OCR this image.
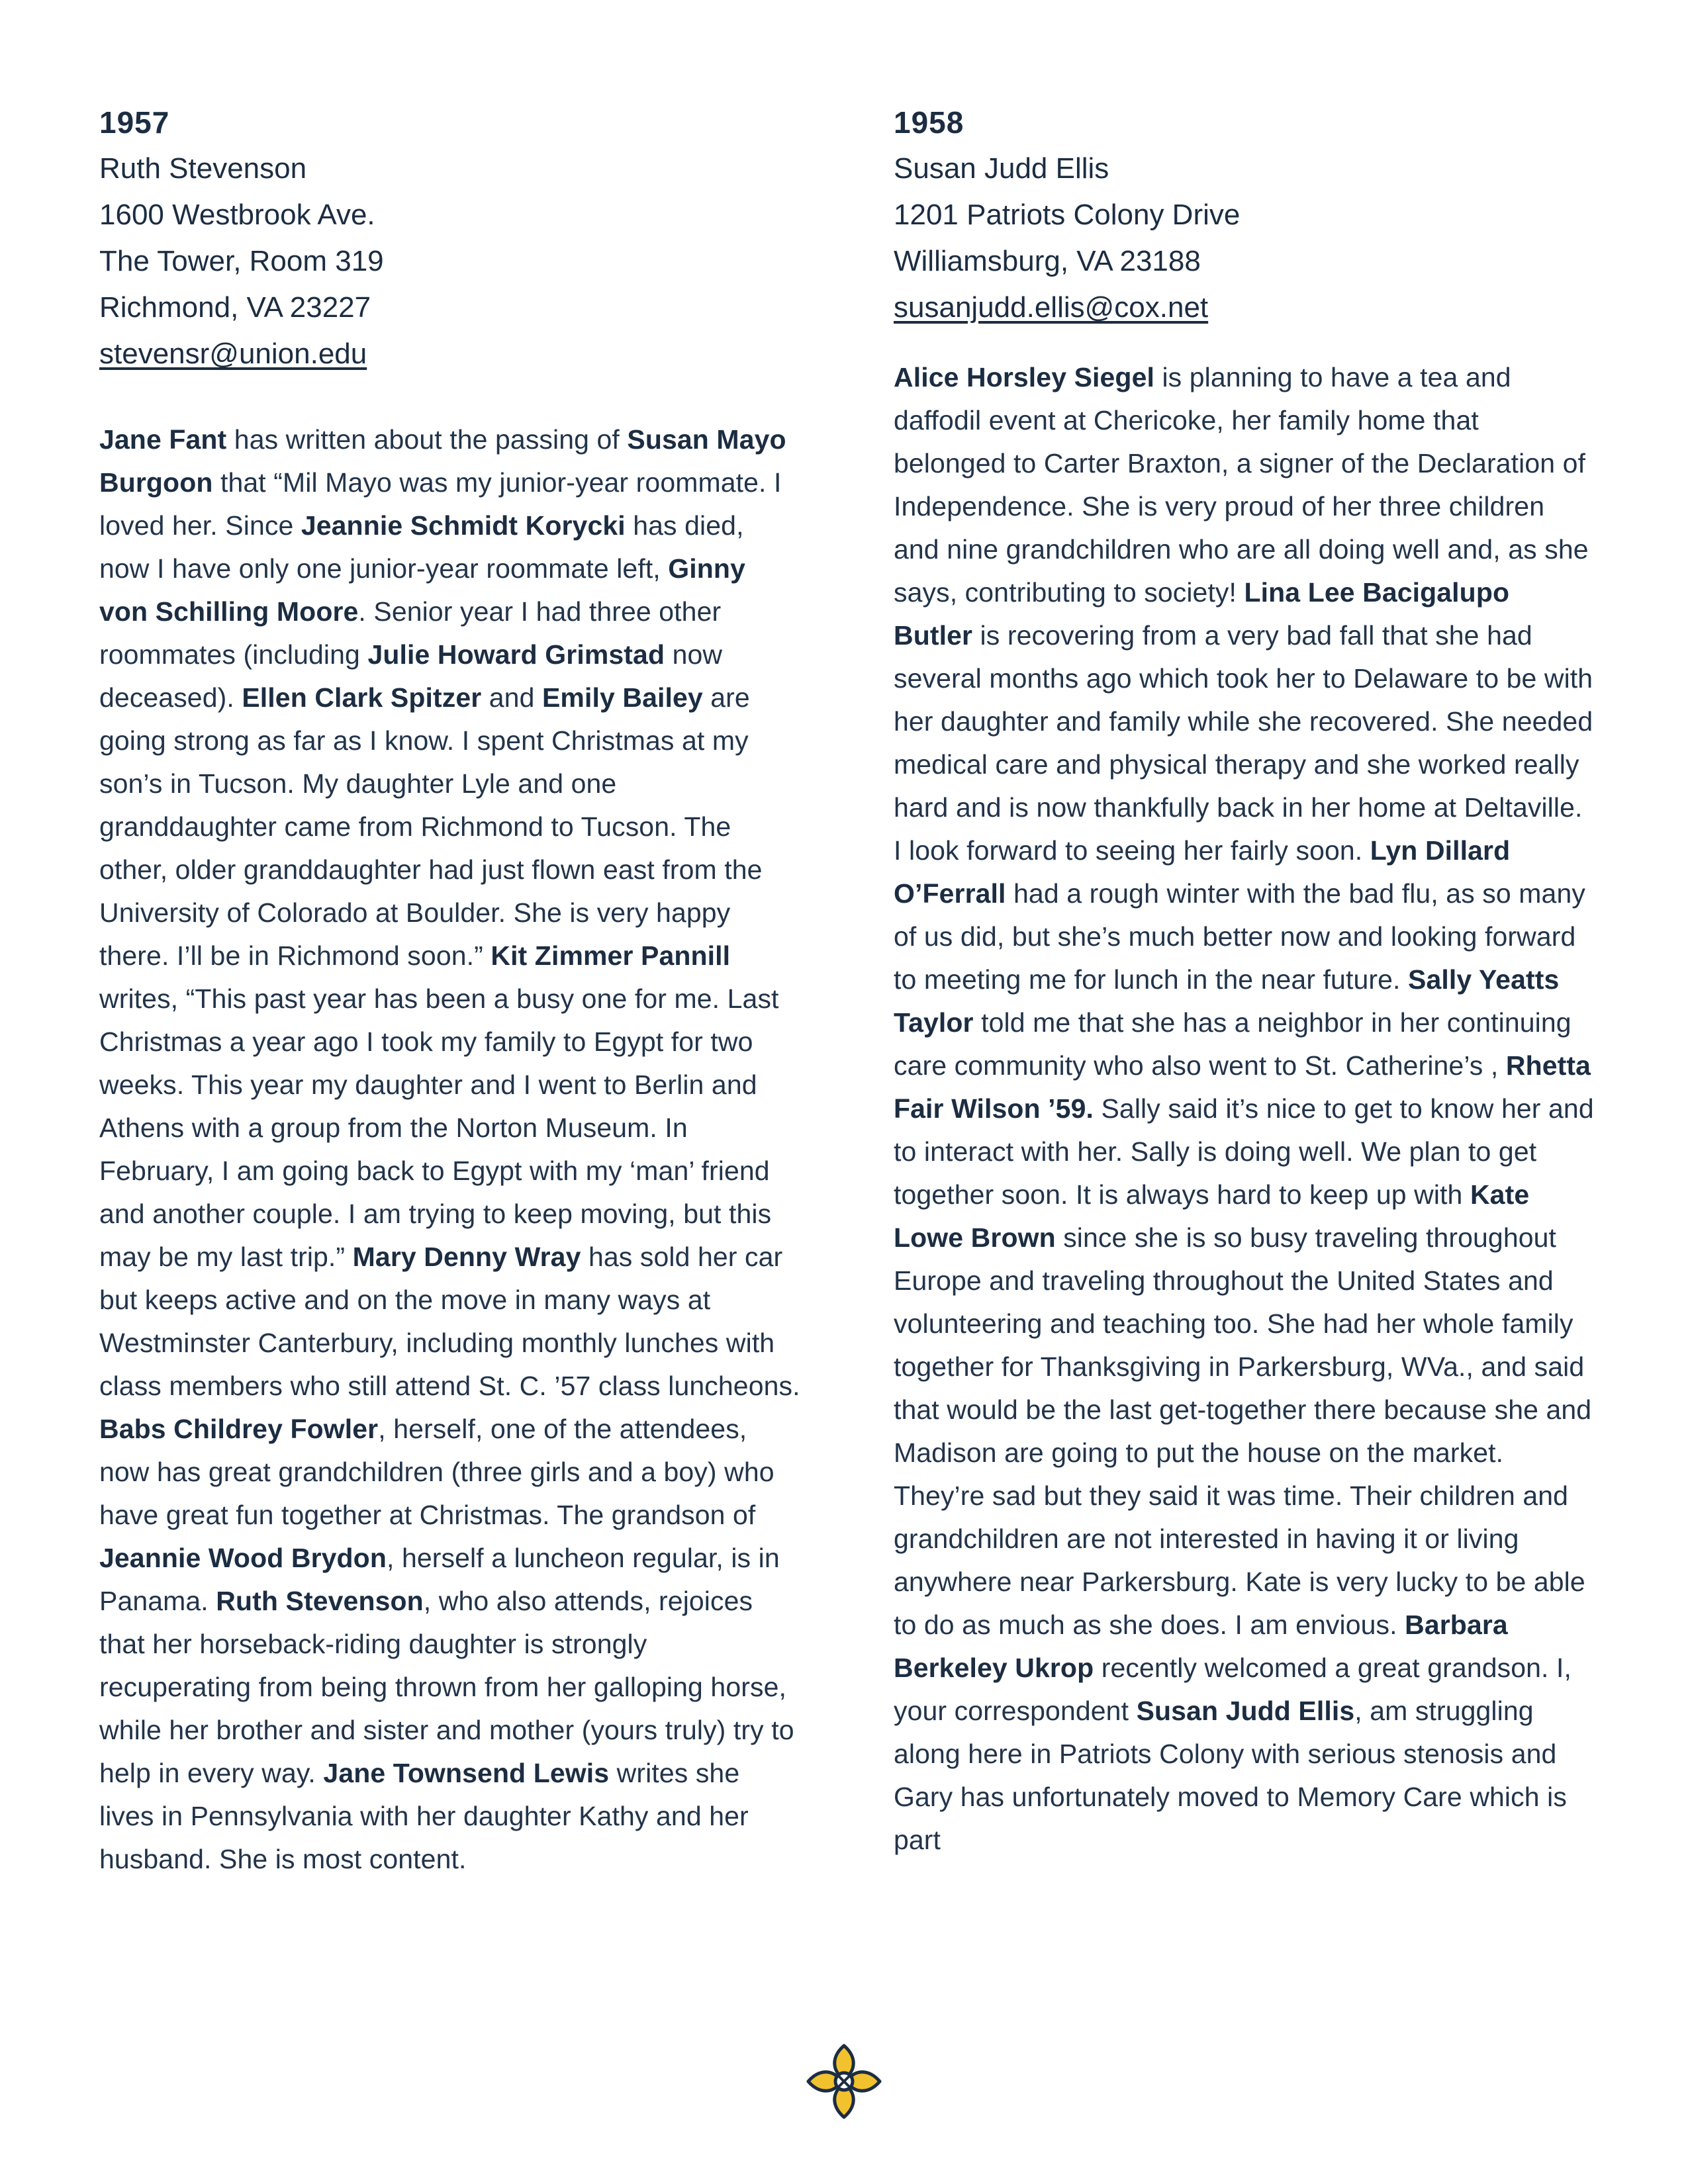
1957

Ruth Stevenson

1600 Westbrook Ave.

The Tower, Room 319

Richmond, VA 23227

stevensr@union.edu

Jane Fant has written about the passing of Susan Mayo Burgoon that “Mil Mayo was my junior-year roommate. I loved her. Since Jeannie Schmidt Korycki has died, now I have only one junior-year roommate left, Ginny von Schilling Moore. Senior year I had three other roommates (including Julie Howard Grimstad now deceased). Ellen Clark Spitzer and Emily Bailey are going strong as far as I know. I spent Christmas at my son’s in Tucson. My daughter Lyle and one granddaughter came from Richmond to Tucson. The other, older granddaughter had just flown east from the University of Colorado at Boulder. She is very happy there. I’ll be in Richmond soon.” Kit Zimmer Pannill writes, “This past year has been a busy one for me. Last Christmas a year ago I took my family to Egypt for two weeks. This year my daughter and I went to Berlin and Athens with a group from the Norton Museum. In February, I am going back to Egypt with my ‘man’ friend and another couple. I am trying to keep moving, but this may be my last trip.” Mary Denny Wray has sold her car but keeps active and on the move in many ways at Westminster Canterbury, including monthly lunches with class members who still attend St. C. ’57 class luncheons. Babs Childrey Fowler, herself, one of the attendees, now has great grandchildren (three girls and a boy) who have great fun together at Christmas. The grandson of Jeannie Wood Brydon, herself a luncheon regular, is in Panama. Ruth Stevenson, who also attends, rejoices that her horseback-riding daughter is strongly recuperating from being thrown from her galloping horse, while her brother and sister and mother (yours truly) try to help in every way. Jane Townsend Lewis writes she lives in Pennsylvania with her daughter Kathy and her husband. She is most content.

1958

Susan Judd Ellis

1201 Patriots Colony Drive

Williamsburg, VA 23188

susanjudd.ellis@cox.net

Alice Horsley Siegel is planning to have a tea and daffodil event at Chericoke, her family home that belonged to Carter Braxton, a signer of the Declaration of Independence. She is very proud of her three children and nine grandchildren who are all doing well and, as she says, contributing to society! Lina Lee Bacigalupo Butler is recovering from a very bad fall that she had several months ago which took her to Delaware to be with her daughter and family while she recovered. She needed medical care and physical therapy and she worked really hard and is now thankfully back in her home at Deltaville. I look forward to seeing her fairly soon. Lyn Dillard O’Ferrall had a rough winter with the bad flu, as so many of us did, but she’s much better now and looking forward to meeting me for lunch in the near future. Sally Yeatts Taylor told me that she has a neighbor in her continuing care community who also went to St. Catherine’s , Rhetta Fair Wilson ’59. Sally said it’s nice to get to know her and to interact with her. Sally is doing well. We plan to get together soon. It is always hard to keep up with Kate Lowe Brown since she is so busy traveling throughout Europe and traveling throughout the United States and volunteering and teaching too. She had her whole family together for Thanksgiving in Parkersburg, WVa., and said that would be the last get-together there because she and Madison are going to put the house on the market. They’re sad but they said it was time. Their children and grandchildren are not interested in having it or living anywhere near Parkersburg. Kate is very lucky to be able to do as much as she does. I am envious. Barbara Berkeley Ukrop recently welcomed a great grandson. I, your correspondent Susan Judd Ellis, am struggling along here in Patriots Colony with serious stenosis and Gary has unfortunately moved to Memory Care which is part
